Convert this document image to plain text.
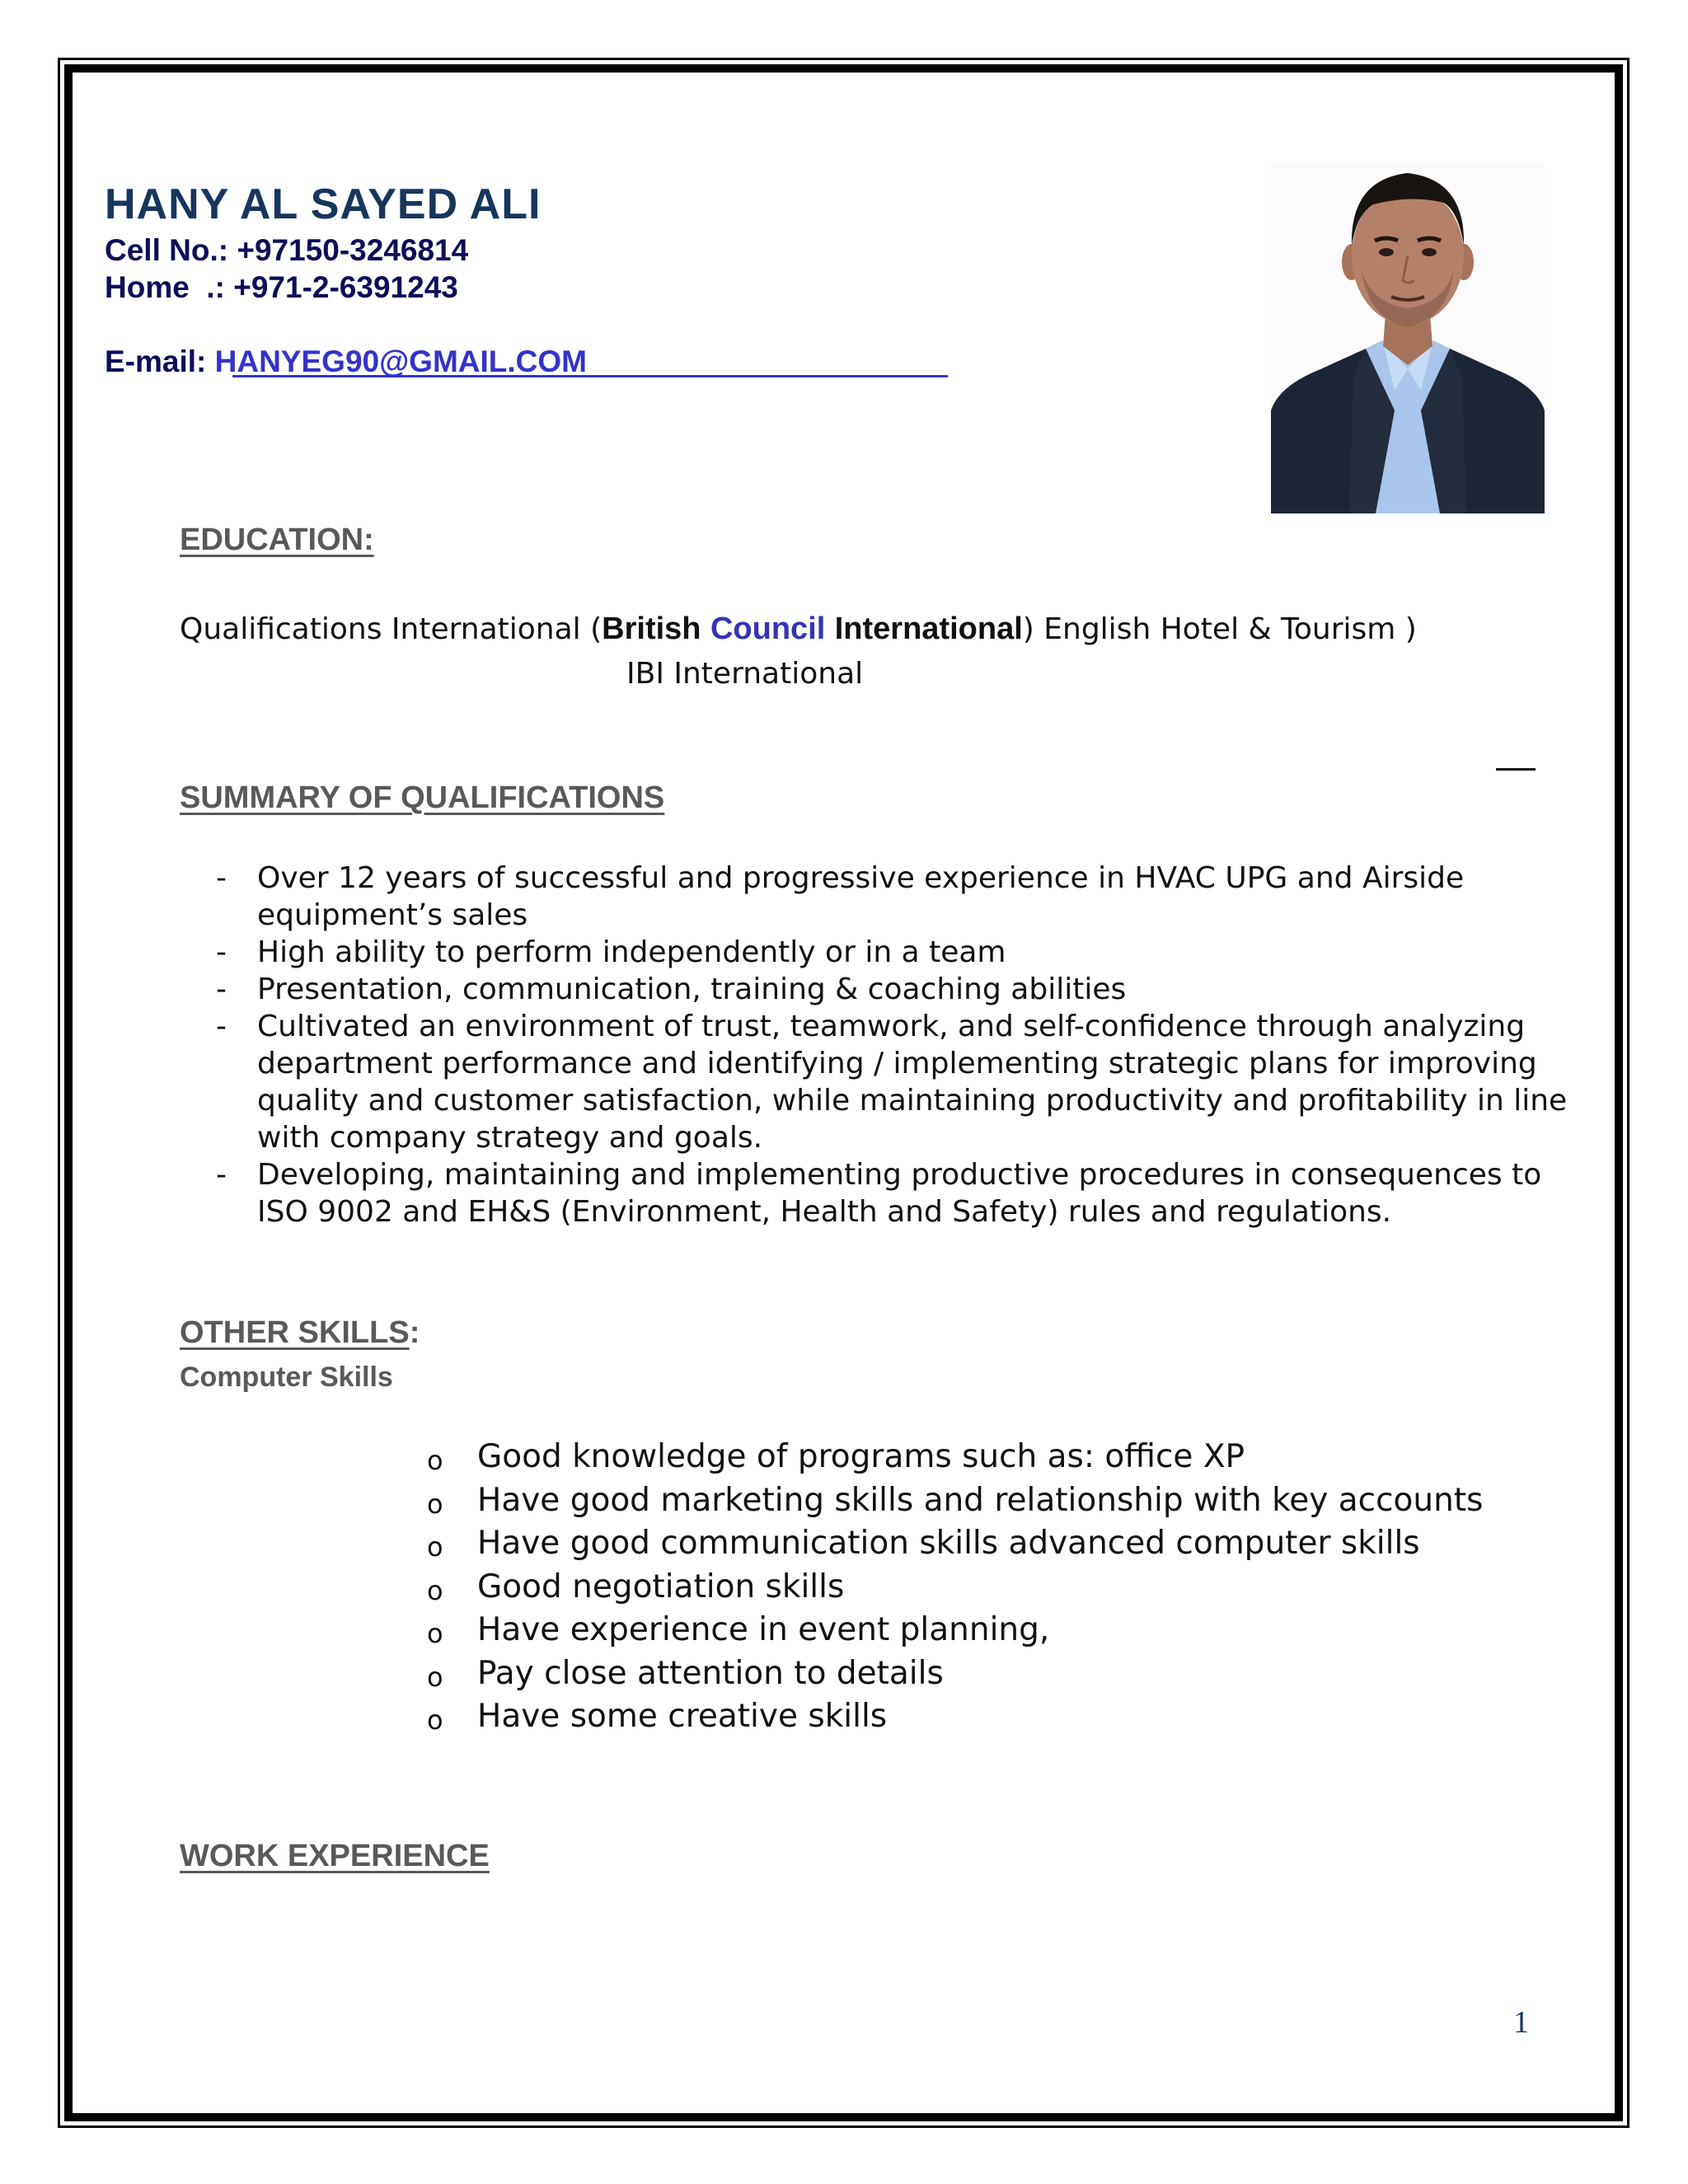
HANY AL SAYED ALI
Cell No.: +97150-3246814
Home  .: +971-2-6391243
E-mail: HANYEG90@GMAIL.COM
EDUCATION:
Qualifications International (British Council International) English Hotel & Tourism )
IBI International
SUMMARY OF QUALIFICATIONS
- Over 12 years of successful and progressive experience in HVAC UPG and Airside equipment’s sales
- High ability to perform independently or in a team
- Presentation, communication, training & coaching abilities
- Cultivated an environment of trust, teamwork, and self-confidence through analyzing department performance and identifying / implementing strategic plans for improving quality and customer satisfaction, while maintaining productivity and profitability in line with company strategy and goals.
- Developing, maintaining and implementing productive procedures in consequences to ISO 9002 and EH&S (Environment, Health and Safety) rules and regulations.
OTHER SKILLS:
Computer Skills
o Good knowledge of programs such as: office XP
o Have good marketing skills and relationship with key accounts
o Have good communication skills advanced computer skills
o Good negotiation skills
o Have experience in event planning,
o Pay close attention to details
o Have some creative skills
WORK EXPERIENCE
1
